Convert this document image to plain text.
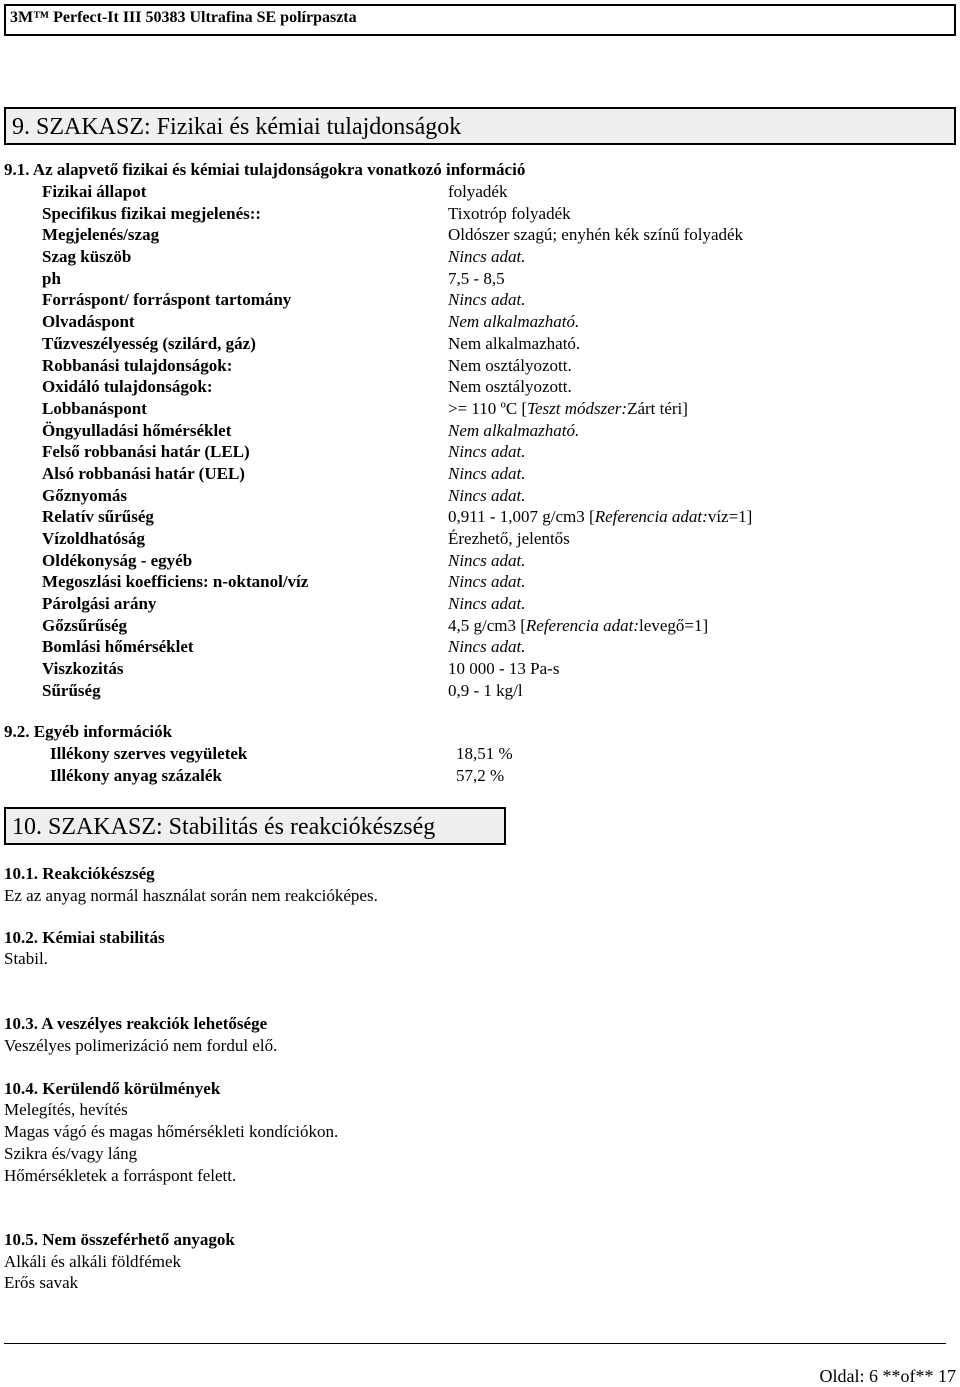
3M™ Perfect-It III 50383 Ultrafina SE polírpaszta
9. SZAKASZ: Fizikai és kémiai tulajdonságok
9.1. Az alapvető fizikai és kémiai tulajdonságokra vonatkozó információ
Fizikai állapot	folyadék
Specifikus fizikai megjelenés::	Tixotróp folyadék
Megjelenés/szag	Oldószer szagú; enyhén kék színű folyadék
Szag küszöb	Nincs adat.
ph	7,5 - 8,5
Forráspont/ forráspont tartomány	Nincs adat.
Olvadáspont	Nem alkalmazható.
Tűzveszélyesség (szilárd, gáz)	Nem alkalmazható.
Robbanási tulajdonságok:	Nem osztályozott.
Oxidáló tulajdonságok:	Nem osztályozott.
Lobbanáspont	>= 110 ºC [Teszt módszer:Zárt téri]
Öngyulladási hőmérséklet	Nem alkalmazható.
Felső robbanási határ (LEL)	Nincs adat.
Alsó robbanási határ (UEL)	Nincs adat.
Gőznyomás	Nincs adat.
Relatív sűrűség	0,911 - 1,007 g/cm3 [Referencia adat:víz=1]
Vízoldhatóság	Érezhető, jelentős
Oldékonyság - egyéb	Nincs adat.
Megoszlási koefficiens: n-oktanol/víz	Nincs adat.
Párolgási arány	Nincs adat.
Gőzsűrűség	4,5 g/cm3 [Referencia adat:levegő=1]
Bomlási hőmérséklet	Nincs adat.
Viszkozitás	10 000 - 13 Pa-s
Sűrűség	0,9 - 1 kg/l
9.2. Egyéb információk
Illékony szerves vegyületek	18,51 %
Illékony anyag százalék	57,2 %
10. SZAKASZ: Stabilitás és reakciókészség
10.1. Reakciókészség
Ez az anyag normál használat során nem reakcióképes.
10.2. Kémiai stabilitás
Stabil.
10.3. A veszélyes reakciók lehetősége
Veszélyes polimerizáció nem fordul elő.
10.4. Kerülendő körülmények
Melegítés, hevítés
Magas vágó és magas hőmérsékleti kondíciókon.
Szikra és/vagy láng
Hőmérsékletek a forráspont felett.
10.5. Nem összeférhető anyagok
Alkáli és alkáli földfémek
Erős savak
Oldal: 6 **of** 17
